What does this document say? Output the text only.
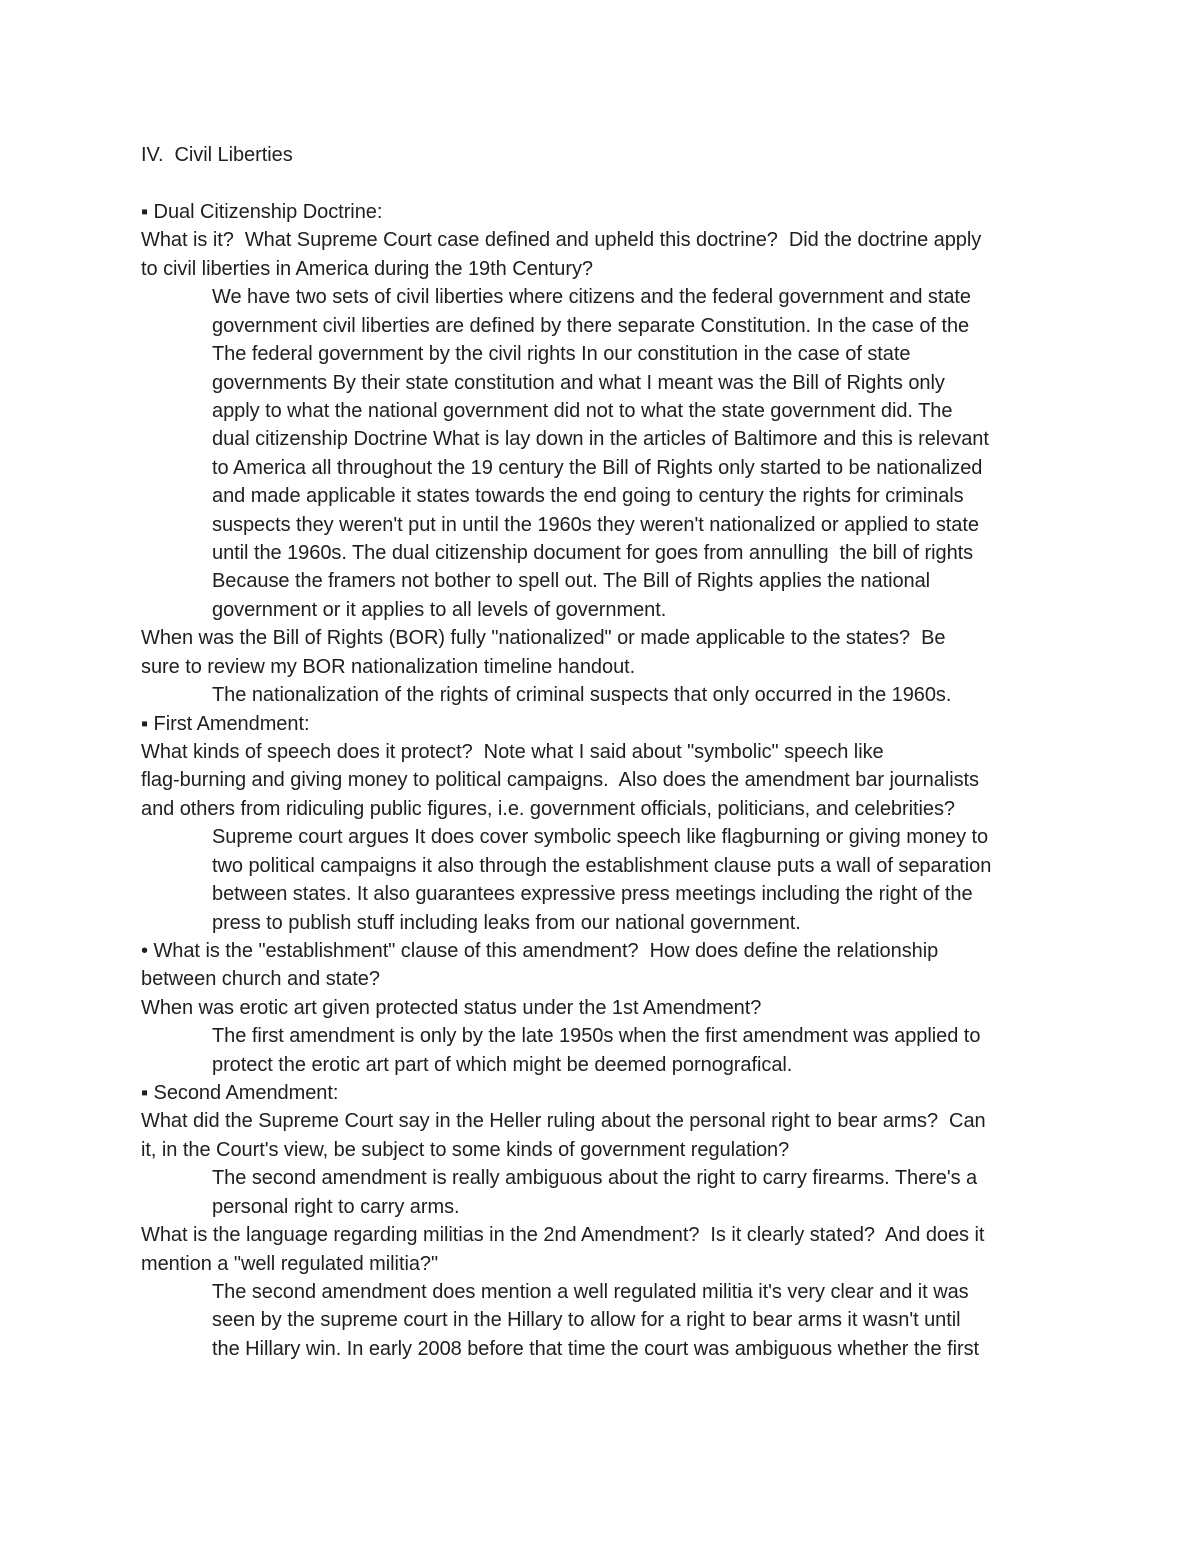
IV.  Civil Liberties
▪ Dual Citizenship Doctrine:
What is it?  What Supreme Court case defined and upheld this doctrine?  Did the doctrine apply
to civil liberties in America during the 19th Century?
We have two sets of civil liberties where citizens and the federal government and state
government civil liberties are defined by there separate Constitution. In the case of the
The federal government by the civil rights In our constitution in the case of state
governments By their state constitution and what I meant was the Bill of Rights only
apply to what the national government did not to what the state government did. The
dual citizenship Doctrine What is lay down in the articles of Baltimore and this is relevant
to America all throughout the 19 century the Bill of Rights only started to be nationalized
and made applicable it states towards the end going to century the rights for criminals
suspects they weren't put in until the 1960s they weren't nationalized or applied to state
until the 1960s. The dual citizenship document for goes from annulling  the bill of rights
Because the framers not bother to spell out. The Bill of Rights applies the national
government or it applies to all levels of government.
When was the Bill of Rights (BOR) fully "nationalized" or made applicable to the states?  Be
sure to review my BOR nationalization timeline handout.
The nationalization of the rights of criminal suspects that only occurred in the 1960s.
▪ First Amendment:
What kinds of speech does it protect?  Note what I said about "symbolic" speech like
flag-burning and giving money to political campaigns.  Also does the amendment bar journalists
and others from ridiculing public figures, i.e. government officials, politicians, and celebrities?
Supreme court argues It does cover symbolic speech like flagburning or giving money to
two political campaigns it also through the establishment clause puts a wall of separation
between states. It also guarantees expressive press meetings including the right of the
press to publish stuff including leaks from our national government.
• What is the "establishment" clause of this amendment?  How does define the relationship
between church and state?
When was erotic art given protected status under the 1st Amendment?
The first amendment is only by the late 1950s when the first amendment was applied to
protect the erotic art part of which might be deemed pornografical.
▪ Second Amendment:
What did the Supreme Court say in the Heller ruling about the personal right to bear arms?  Can
it, in the Court's view, be subject to some kinds of government regulation?
The second amendment is really ambiguous about the right to carry firearms. There's a
personal right to carry arms.
What is the language regarding militias in the 2nd Amendment?  Is it clearly stated?  And does it
mention a "well regulated militia?"
The second amendment does mention a well regulated militia it's very clear and it was
seen by the supreme court in the Hillary to allow for a right to bear arms it wasn't until
the Hillary win. In early 2008 before that time the court was ambiguous whether the first
